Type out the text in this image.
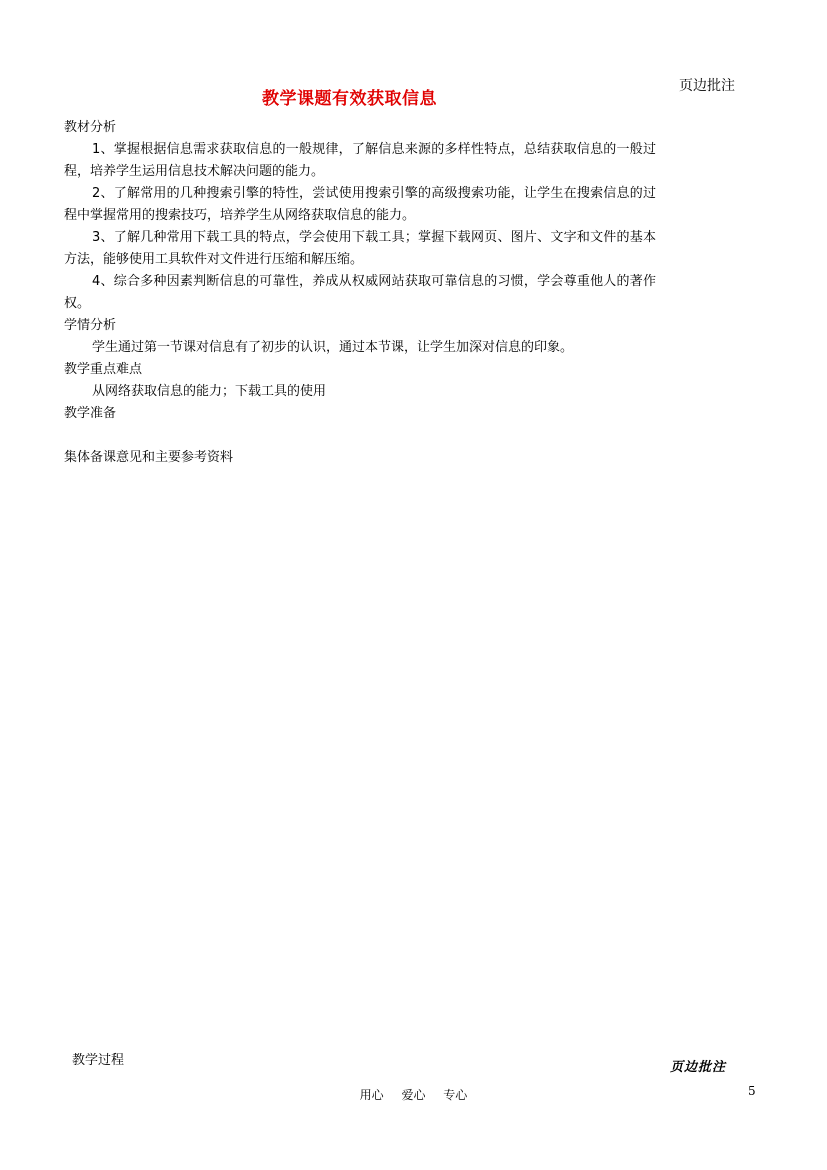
教学课题有效获取信息
页边批注
教材分析
1、掌握根据信息需求获取信息的一般规律，了解信息来源的多样性特点，总结获取信息的一般过程，培养学生运用信息技术解决问题的能力。
2、了解常用的几种搜索引擎的特性，尝试使用搜索引擎的高级搜索功能，让学生在搜索信息的过程中掌握常用的搜索技巧，培养学生从网络获取信息的能力。
3、了解几种常用下载工具的特点，学会使用下载工具；掌握下载网页、图片、文字和文件的基本方法，能够使用工具软件对文件进行压缩和解压缩。
4、综合多种因素判断信息的可靠性，养成从权威网站获取可靠信息的习惯，学会尊重他人的著作权。
学情分析
学生通过第一节课对信息有了初步的认识，通过本节课，让学生加深对信息的印象。
教学重点难点
从网络获取信息的能力；下载工具的使用
教学准备
集体备课意见和主要参考资料
教学过程	页边批注
用心 爱心 专心	5
